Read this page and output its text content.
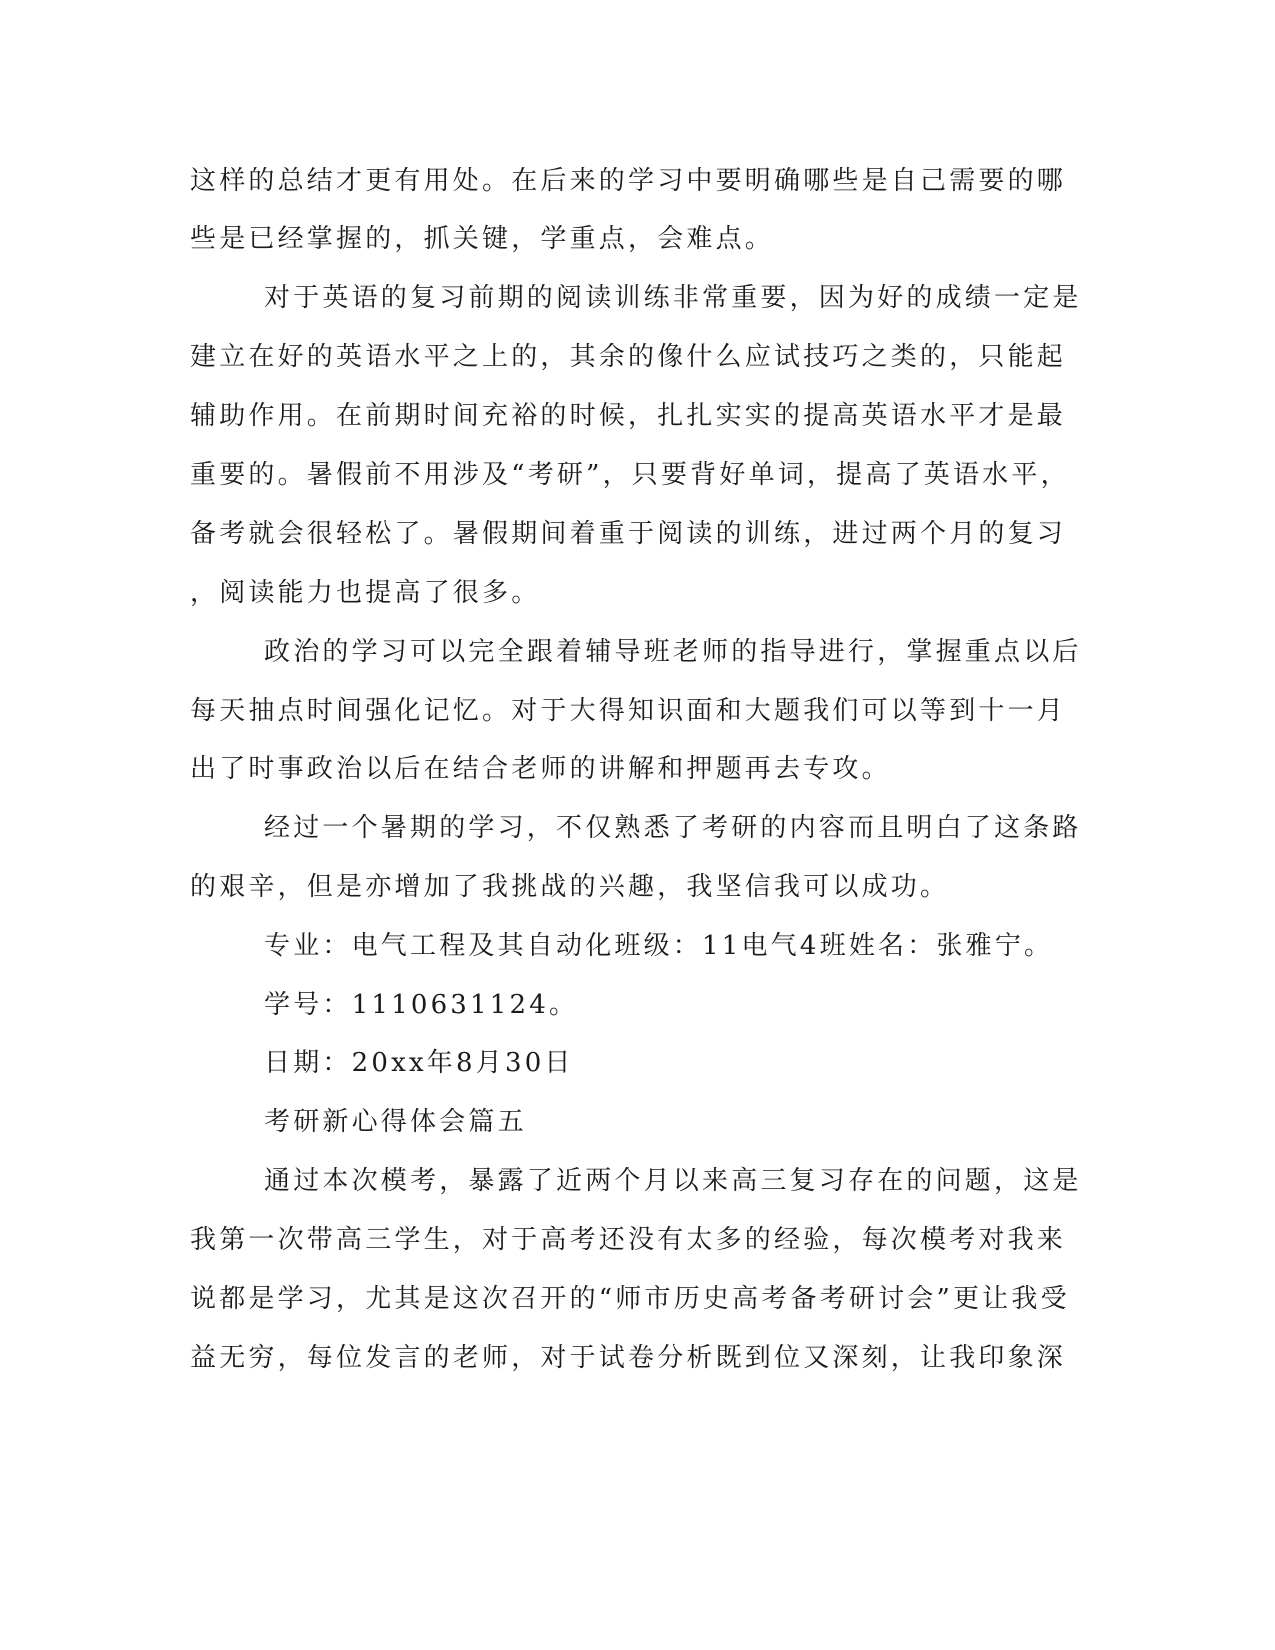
这样的总结才更有用处。在后来的学习中要明确哪些是自己需要的哪

些是已经掌握的，抓关键，学重点，会难点。

对于英语的复习前期的阅读训练非常重要，因为好的成绩一定是

建立在好的英语水平之上的，其余的像什么应试技巧之类的，只能起

辅助作用。在前期时间充裕的时候，扎扎实实的提高英语水平才是最

重要的。暑假前不用涉及“考研”，只要背好单词，提高了英语水平，

备考就会很轻松了。暑假期间着重于阅读的训练，进过两个月的复习

，阅读能力也提高了很多。

政治的学习可以完全跟着辅导班老师的指导进行，掌握重点以后

每天抽点时间强化记忆。对于大得知识面和大题我们可以等到十一月

出了时事政治以后在结合老师的讲解和押题再去专攻。

经过一个暑期的学习，不仅熟悉了考研的内容而且明白了这条路

的艰辛，但是亦增加了我挑战的兴趣，我坚信我可以成功。

专业：电气工程及其自动化班级：11电气4班姓名：张雅宁。

学号：1110631124。

日期：20xx年8月30日

考研新心得体会篇五

通过本次模考，暴露了近两个月以来高三复习存在的问题，这是

我第一次带高三学生，对于高考还没有太多的经验，每次模考对我来

说都是学习，尤其是这次召开的“师市历史高考备考研讨会”更让我受

益无穷，每位发言的老师，对于试卷分析既到位又深刻，让我印象深
